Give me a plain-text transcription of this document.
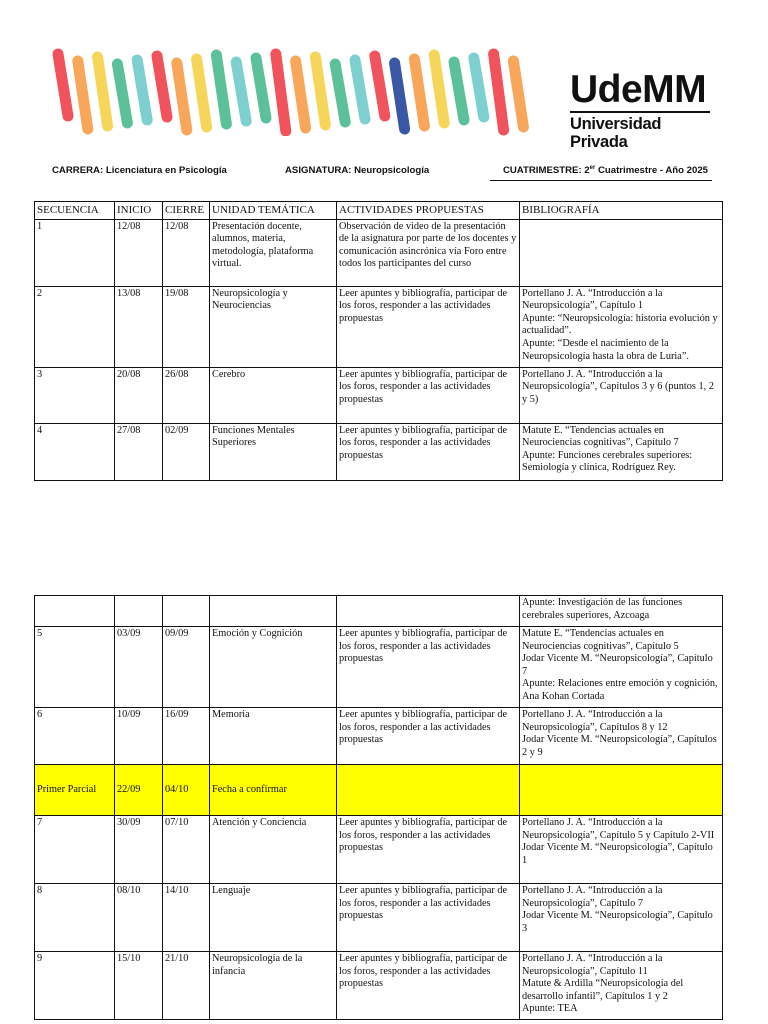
UdeMM
Universidad Privada
CARRERA: Licenciatura en Psicología	ASIGNATURA: Neuropsicología	CUATRIMESTRE: 2er Cuatrimestre - Año 2025
SECUENCIA	INICIO	CIERRE	UNIDAD TEMÁTICA	ACTIVIDADES PROPUESTAS	BIBLIOGRAFÍA
1	12/08	12/08	Presentación docente, alumnos, materia, metodología, plataforma virtual.	Observación de video de la presentación de la asignatura por parte de los docentes y comunicación asincrónica vía Foro entre todos los participantes del curso	
2	13/08	19/08	Neuropsicología y Neurociencias	Leer apuntes y bibliografía, participar de los foros, responder a las actividades propuestas	Portellano J. A. “Introducción a la Neuropsicología”, Capítulo 1
Apunte: “Neuropsicología: historia evolución y actualidad”.
Apunte: “Desde el nacimiento de la Neuropsicología hasta la obra de Luria”.
3	20/08	26/08	Cerebro	Leer apuntes y bibliografía, participar de los foros, responder a las actividades propuestas	Portellano J. A. “Introducción a la Neuropsicología”, Capítulos 3 y 6 (puntos 1, 2 y 5)
4	27/08	02/09	Funciones Mentales Superiores	Leer apuntes y bibliografía, participar de los foros, responder a las actividades propuestas	Matute E. “Tendencias actuales en Neurociencias cognitivas”, Capítulo 7
Apunte: Funciones cerebrales superiores: Semiología y clínica, Rodríguez Rey.
					Apunte: Investigación de las funciones cerebrales superiores, Azcoaga
5	03/09	09/09	Emoción y Cognición	Leer apuntes y bibliografía, participar de los foros, responder a las actividades propuestas	Matute E. “Tendencias actuales en Neurociencias cognitivas”, Capítulo 5
Jodar Vicente M. “Neuropsicología”, Capítulo 7
Apunte: Relaciones entre emoción y cognición, Ana Kohan Cortada
6	10/09	16/09	Memoria	Leer apuntes y bibliografía, participar de los foros, responder a las actividades propuestas	Portellano J. A. “Introducción a la Neuropsicología”, Capítulos 8 y 12
Jodar Vicente M. “Neuropsicología”, Capítulos 2 y 9
Primer Parcial	22/09	04/10	Fecha a confirmar		
7	30/09	07/10	Atención y Conciencia	Leer apuntes y bibliografía, participar de los foros, responder a las actividades propuestas	Portellano J. A. “Introducción a la Neuropsicología”, Capítulo 5 y Capítulo 2-VII
Jodar Vicente M. “Neuropsicología”, Capítulo 1
8	08/10	14/10	Lenguaje	Leer apuntes y bibliografía, participar de los foros, responder a las actividades propuestas	Portellano J. A. “Introducción a la Neuropsicología”, Capítulo 7
Jodar Vicente M. “Neuropsicología”, Capítulo 3
9	15/10	21/10	Neuropsicología de la infancia	Leer apuntes y bibliografía, participar de los foros, responder a las actividades propuestas	Portellano J. A. “Introducción a la Neuropsicología”, Capítulo 11
Matute & Ardilla “Neuropsicología del desarrollo infantil”, Capítulos 1 y 2
Apunte: TEA
